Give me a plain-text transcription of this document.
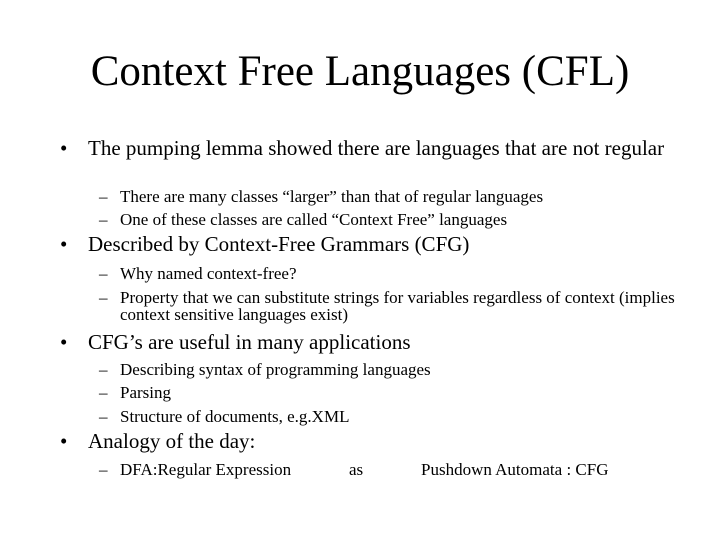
Context Free Languages (CFL)
• The pumping lemma showed there are languages that are not regular
– There are many classes “larger” than that of regular languages
– One of these classes are called “Context Free” languages
• Described by Context-Free Grammars (CFG)
– Why named context-free?
– Property that we can substitute strings for variables regardless of context (implies context sensitive languages exist)
• CFG’s are useful in many applications
– Describing syntax of programming languages
– Parsing
– Structure of documents, e.g.XML
• Analogy of the day:
– DFA:Regular Expression	as	Pushdown Automata : CFG
